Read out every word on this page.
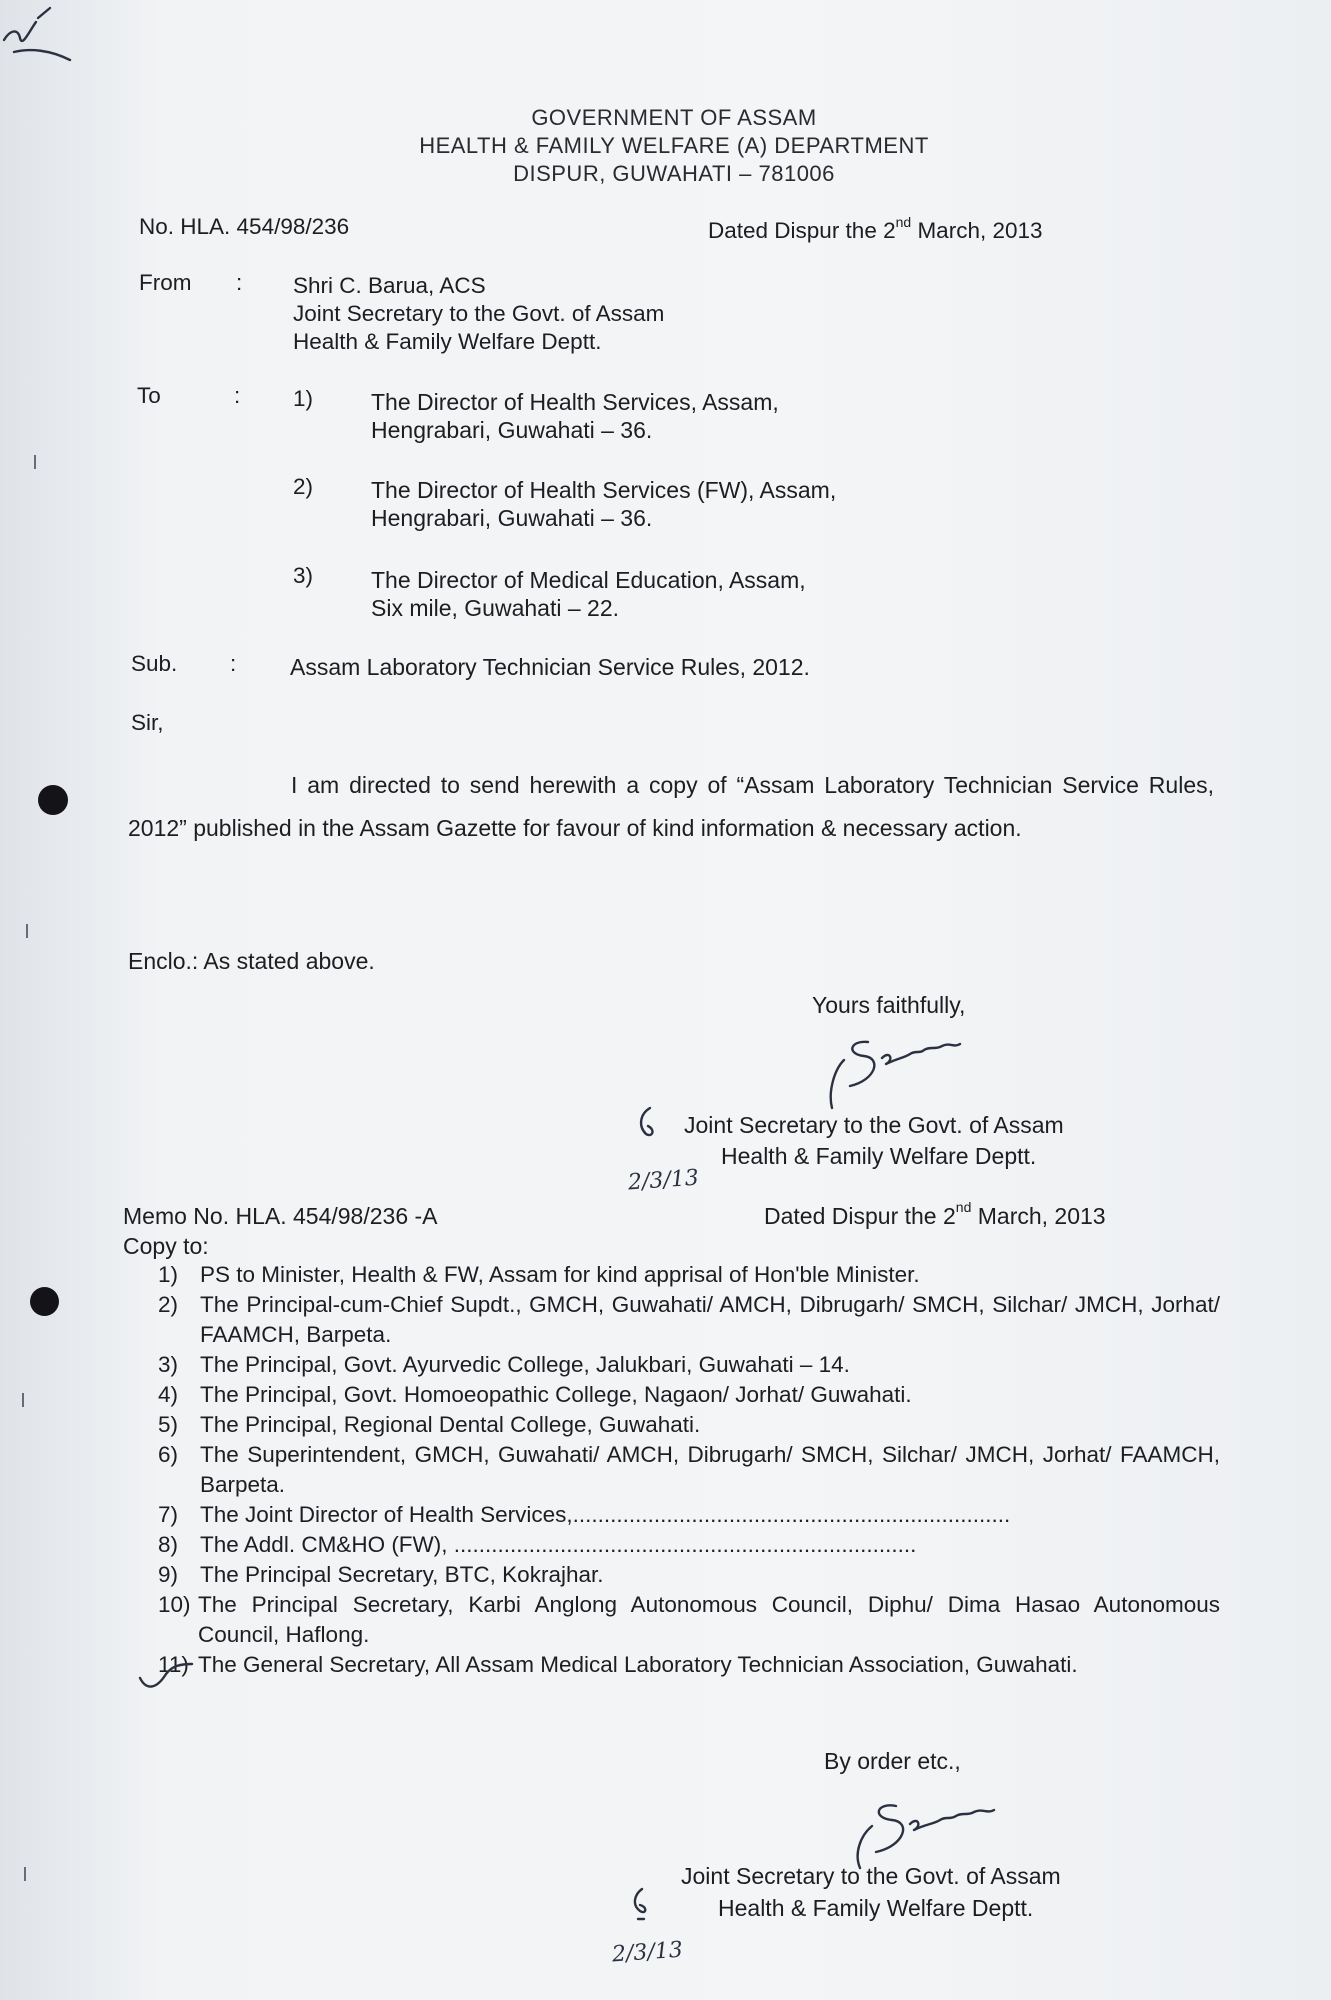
GOVERNMENT OF ASSAM
HEALTH & FAMILY WELFARE (A) DEPARTMENT
DISPUR, GUWAHATI – 781006
No. HLA. 454/98/236	Dated Dispur the 2nd March, 2013
From : Shri C. Barua, ACS
Joint Secretary to the Govt. of Assam
Health & Family Welfare Deptt.
To	: 1)	The Director of Health Services, Assam,
Hengrabari, Guwahati – 36.
2)	The Director of Health Services (FW), Assam,
Hengrabari, Guwahati – 36.
3)	The Director of Medical Education, Assam,
Six mile, Guwahati – 22.
Sub. : Assam Laboratory Technician Service Rules, 2012.
Sir,

I am directed to send herewith a copy of “Assam Laboratory Technician Service Rules, 2012” published in the Assam Gazette for favour of kind information & necessary action.

Enclo.: As stated above.
Yours faithfully,
Joint Secretary to the Govt. of Assam
Health & Family Welfare Deptt.
2/3/13
Memo No. HLA. 454/98/236 -A	Dated Dispur the 2nd March, 2013
Copy to:
1) PS to Minister, Health & FW, Assam for kind apprisal of Hon'ble Minister.
2) The Principal-cum-Chief Supdt., GMCH, Guwahati/ AMCH, Dibrugarh/ SMCH, Silchar/ JMCH, Jorhat/ FAAMCH, Barpeta.
3) The Principal, Govt. Ayurvedic College, Jalukbari, Guwahati – 14.
4) The Principal, Govt. Homoeopathic College, Nagaon/ Jorhat/ Guwahati.
5) The Principal, Regional Dental College, Guwahati.
6) The Superintendent, GMCH, Guwahati/ AMCH, Dibrugarh/ SMCH, Silchar/ JMCH, Jorhat/ FAAMCH, Barpeta.
7) The Joint Director of Health Services,......................................................................
8) The Addl. CM&HO (FW), ..........................................................................
9) The Principal Secretary, BTC, Kokrajhar.
10) The Principal Secretary, Karbi Anglong Autonomous Council, Diphu/ Dima Hasao Autonomous Council, Haflong.
11) The General Secretary, All Assam Medical Laboratory Technician Association, Guwahati.
By order etc.,
Joint Secretary to the Govt. of Assam
Health & Family Welfare Deptt.
2/3/13
